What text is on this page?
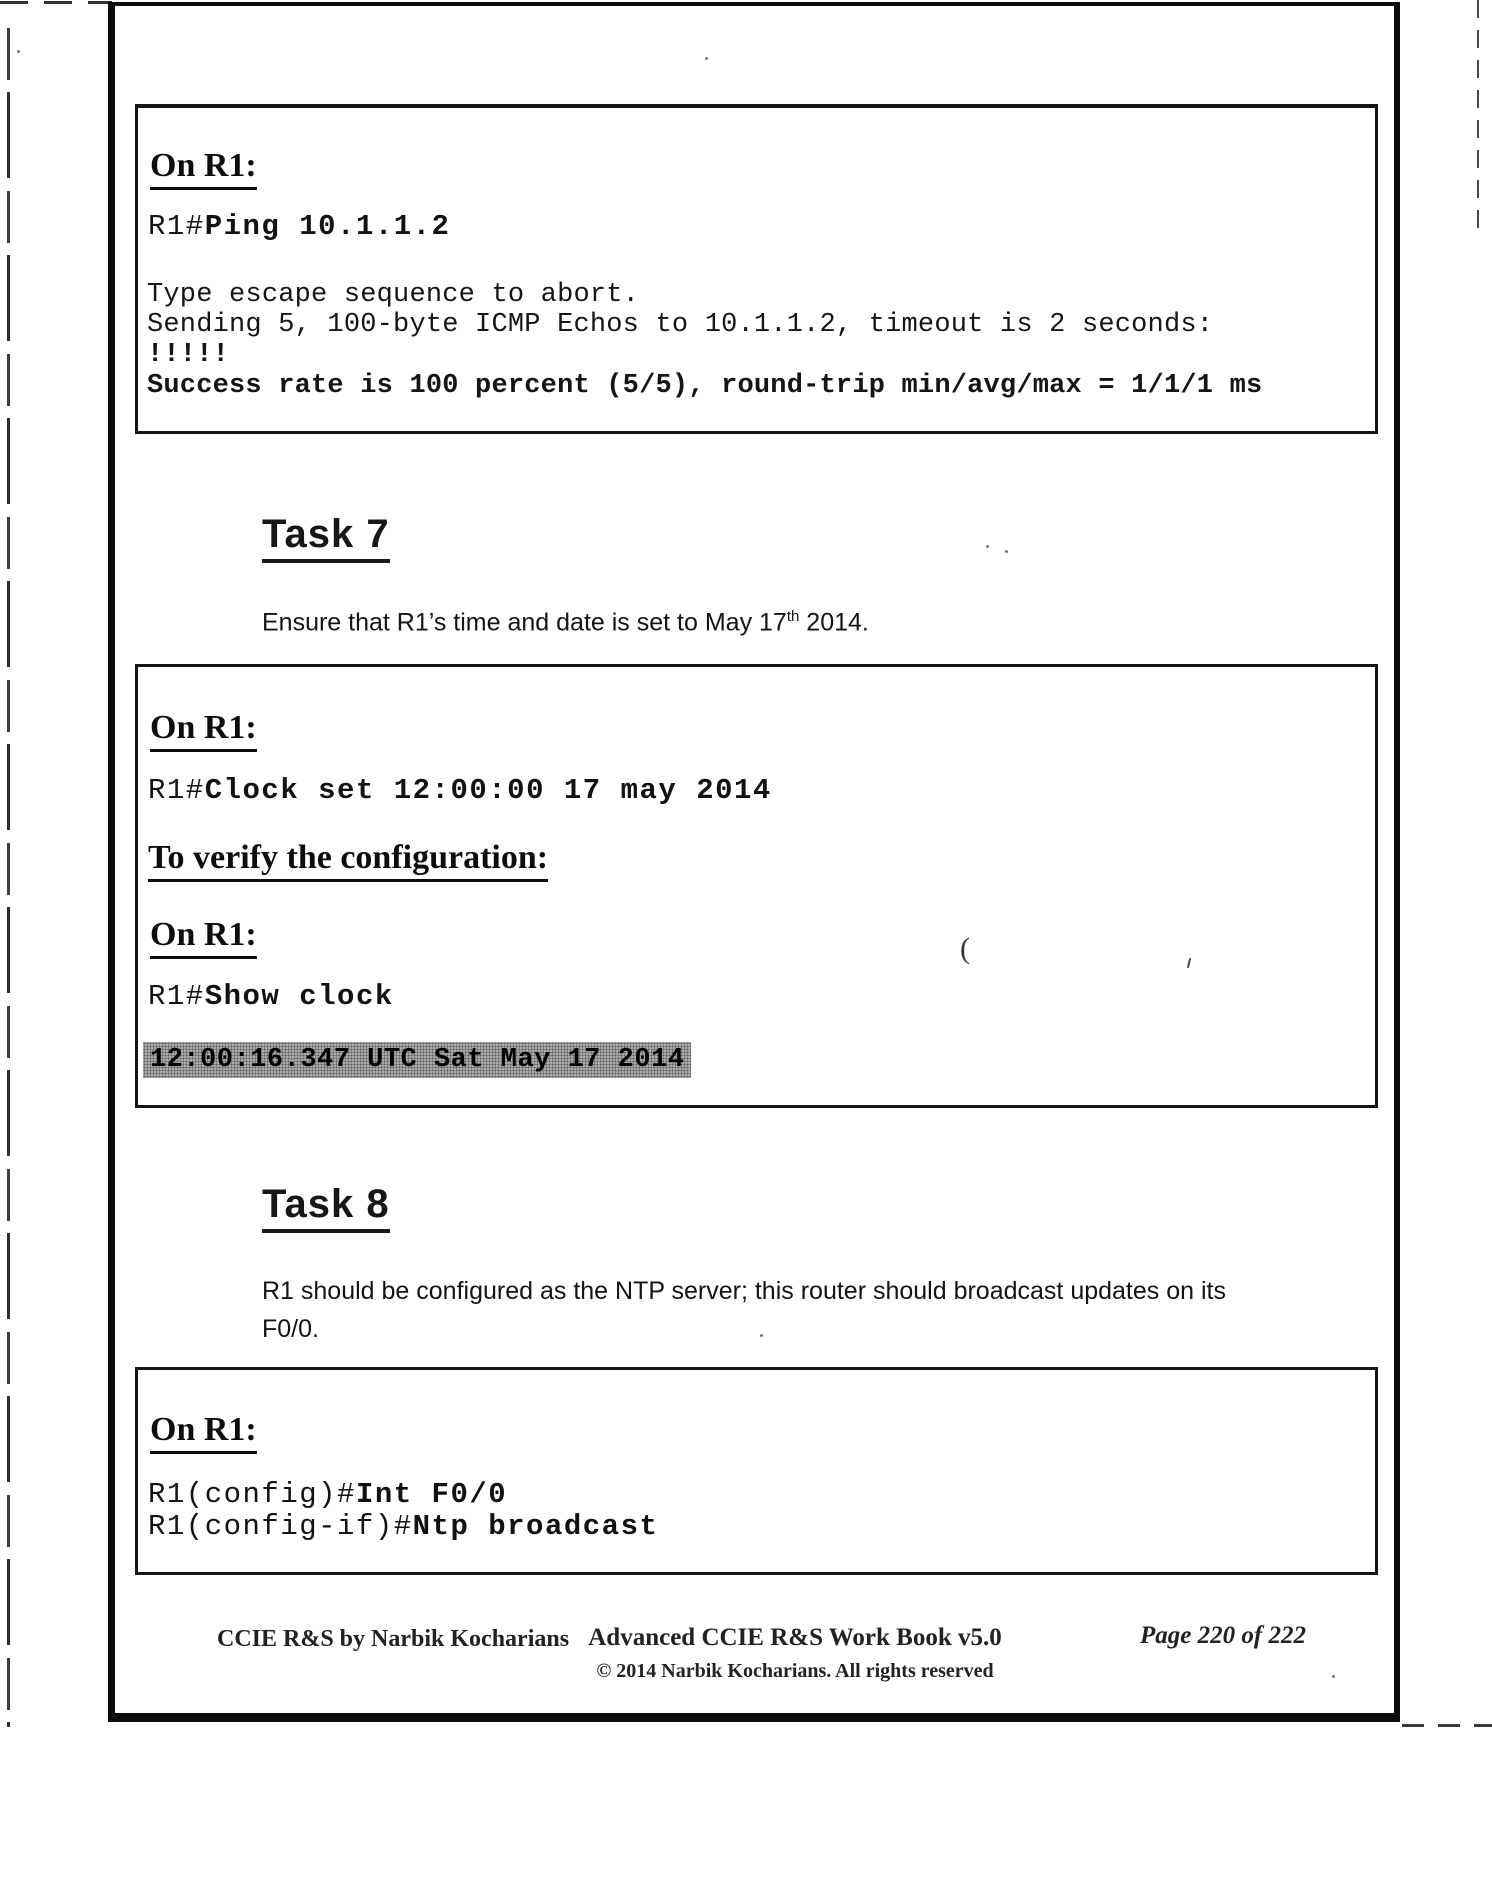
On R1:
R1#Ping 10.1.1.2
Type escape sequence to abort.
Sending 5, 100-byte ICMP Echos to 10.1.1.2, timeout is 2 seconds:
!!!!!
Success rate is 100 percent (5/5), round-trip min/avg/max = 1/1/1 ms
Task 7
Ensure that R1’s time and date is set to May 17th 2014.
On R1:
R1#Clock set 12:00:00 17 may 2014
To verify the configuration:
On R1:	(
R1#Show clock
12:00:16.347 UTC Sat May 17 2014
Task 8
R1 should be configured as the NTP server; this router should broadcast updates on its
F0/0.
On R1:
R1(config)#Int F0/0
R1(config-if)#Ntp broadcast
CCIE R&S by Narbik Kocharians Advanced CCIE R&S Work Book v5.0
© 2014 Narbik Kocharians. All rights reserved
Page 220 of 222
